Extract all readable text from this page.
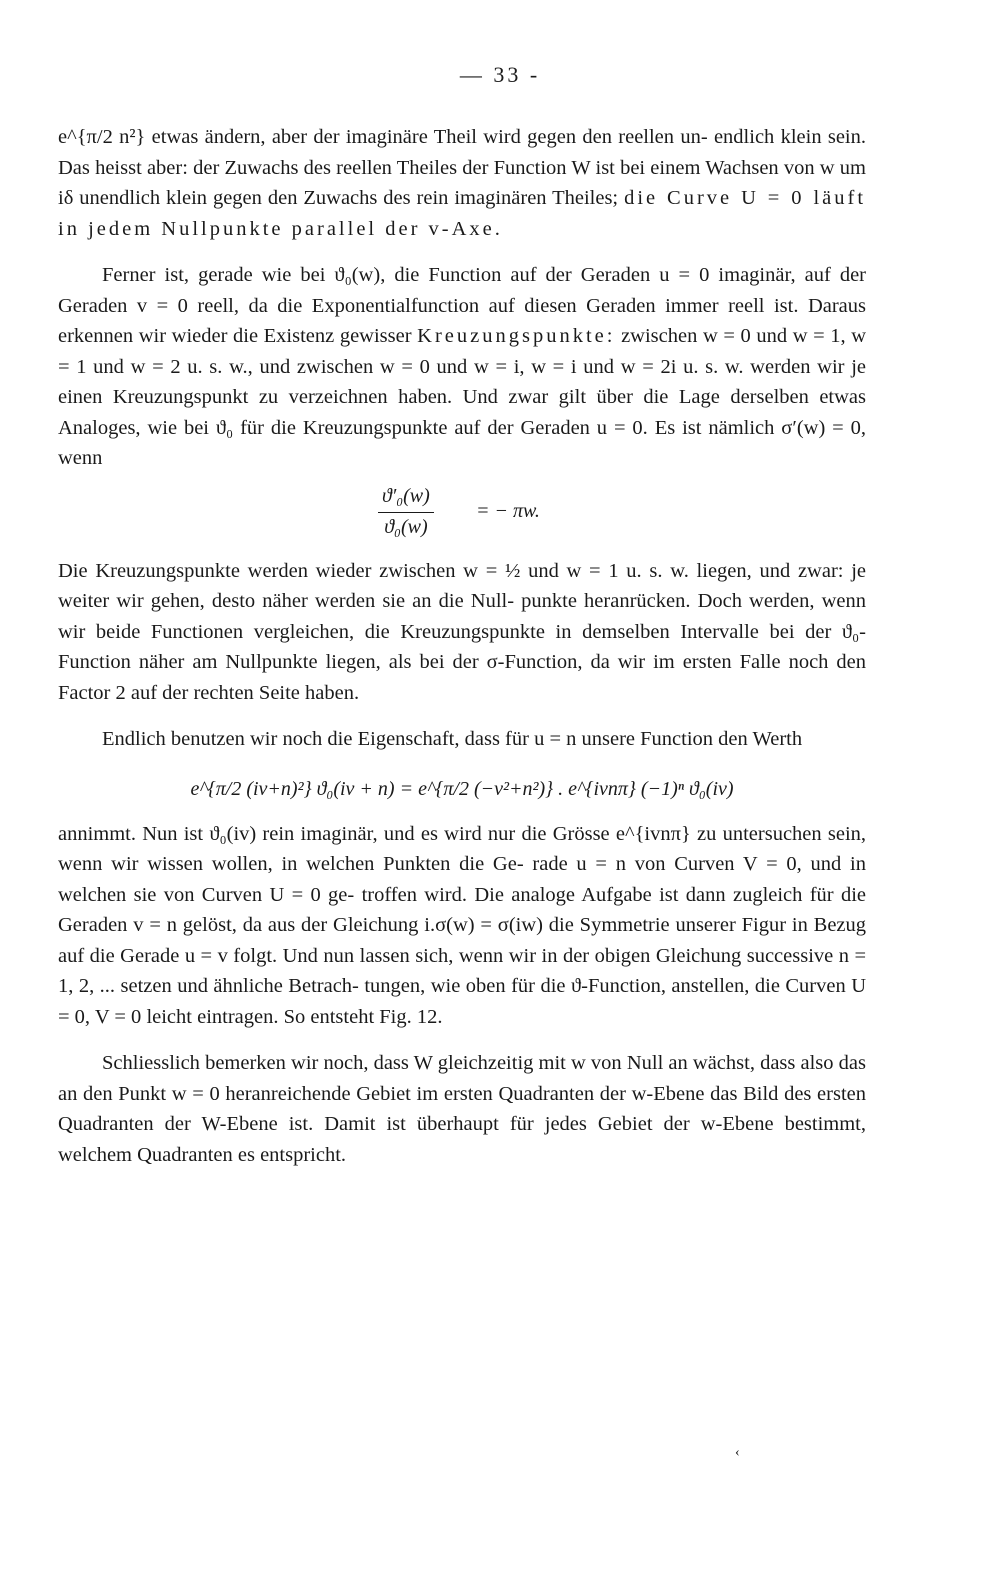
— 33 -

e^{π/2 n²} etwas ändern, aber der imaginäre Theil wird gegen den reellen un- endlich klein sein. Das heisst aber: der Zuwachs des reellen Theiles der Function W ist bei einem Wachsen von w um iδ unendlich klein gegen den Zuwachs des rein imaginären Theiles; die Curve U = 0 läuft in jedem Nullpunkte parallel der v-Axe.

Ferner ist, gerade wie bei ϑ₀(w), die Function auf der Geraden u = 0 imaginär, auf der Geraden v = 0 reell, da die Exponentialfunction auf diesen Geraden immer reell ist. Daraus erkennen wir wieder die Existenz gewisser Kreuzungspunkte: zwischen w = 0 und w = 1, w = 1 und w = 2 u. s. w., und zwischen w = 0 und w = i, w = i und w = 2i u. s. w. werden wir je einen Kreuzungspunkt zu verzeichnen haben. Und zwar gilt über die Lage derselben etwas Analoges, wie bei ϑ₀ für die Kreuzungspunkte auf der Geraden u = 0. Es ist nämlich σ′(w) = 0, wenn

$\frac{\text{ϑ′₀(w)}}{\text{ϑ₀(w)}}$ = − πw.

Die Kreuzungspunkte werden wieder zwischen w = ½ und w = 1 u. s. w. liegen, und zwar: je weiter wir gehen, desto näher werden sie an die Null- punkte heranrücken. Doch werden, wenn wir beide Functionen vergleichen, die Kreuzungspunkte in demselben Intervalle bei der ϑ₀-Function näher am Nullpunkte liegen, als bei der σ-Function, da wir im ersten Falle noch den Factor 2 auf der rechten Seite haben.

Endlich benutzen wir noch die Eigenschaft, dass für u = n unsere Function den Werth

e^{π/2 (iv+n)²} ϑ₀(iv + n) = e^{π/2 (−v²+n²)} . e^{ivnπ} (−1)ⁿ ϑ₀(iv)

annimmt. Nun ist ϑ₀(iv) rein imaginär, und es wird nur die Grösse e^{ivnπ} zu untersuchen sein, wenn wir wissen wollen, in welchen Punkten die Ge- rade u = n von Curven V = 0, und in welchen sie von Curven U = 0 ge- troffen wird. Die analoge Aufgabe ist dann zugleich für die Geraden v = n gelöst, da aus der Gleichung i.σ(w) = σ(iw) die Symmetrie unserer Figur in Bezug auf die Gerade u = v folgt. Und nun lassen sich, wenn wir in der obigen Gleichung successive n = 1, 2, ... setzen und ähnliche Betrach- tungen, wie oben für die ϑ-Function, anstellen, die Curven U = 0, V = 0 leicht eintragen. So entsteht Fig. 12.

Schliesslich bemerken wir noch, dass W gleichzeitig mit w von Null an wächst, dass also das an den Punkt w = 0 heranreichende Gebiet im ersten Quadranten der w-Ebene das Bild des ersten Quadranten der W-Ebene ist. Damit ist überhaupt für jedes Gebiet der w-Ebene bestimmt, welchem Quadranten es entspricht.

‹
